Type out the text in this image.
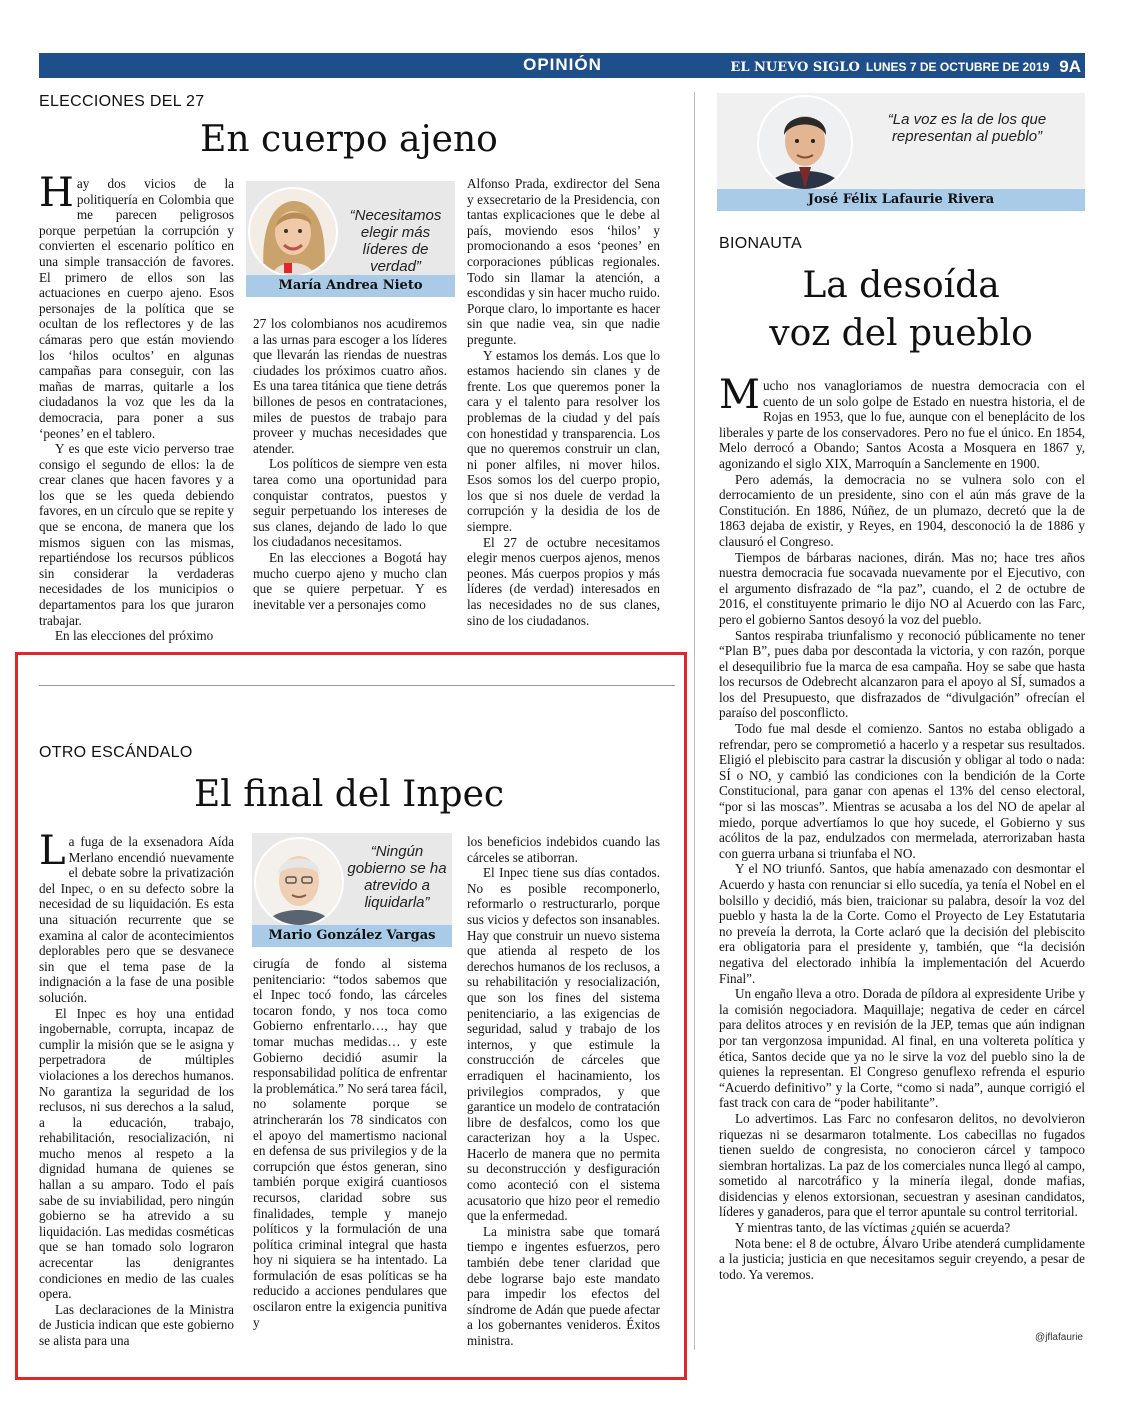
OPINIÓN	EL NUEVO SIGLO LUNES 7 DE OCTUBRE DE 2019 9A
ELECCIONES DEL 27
En cuerpo ajeno

Hay dos vicios de la politiquería en Colombia que me parecen peligrosos porque perpetúan la corrupción y convierten el escenario político en una simple transacción de favores. El primero de ellos son las actuaciones en cuerpo ajeno. Esos personajes de la política que se ocultan de los reflectores y de las cámaras pero que están moviendo los ‘hilos ocultos’ en algunas campañas para conseguir, con las mañas de marras, quitarle a los ciudadanos la voz que les da la democracia, para poner a sus ‘peones’ en el tablero.

Y es que este vicio perverso trae consigo el segundo de ellos: la de crear clanes que hacen favores y a los que se les queda debiendo favores, en un círculo que se repite y que se encona, de manera que los mismos siguen con las mismas, repartiéndose los recursos públicos sin considerar la verdaderas necesidades de los municipios o departamentos para los que juraron trabajar.

En las elecciones del próximo

“Necesitamos elegir más líderes de verdad”
María Andrea Nieto

27 los colombianos nos acudiremos a las urnas para escoger a los líderes que llevarán las riendas de nuestras ciudades los próximos cuatro años. Es una tarea titánica que tiene detrás billones de pesos en contrataciones, miles de puestos de trabajo para proveer y muchas necesidades que atender.

Los políticos de siempre ven esta tarea como una oportunidad para conquistar contratos, puestos y seguir perpetuando los intereses de sus clanes, dejando de lado lo que los ciudadanos necesitamos.

En las elecciones a Bogotá hay mucho cuerpo ajeno y mucho clan que se quiere perpetuar. Y es inevitable ver a personajes como

Alfonso Prada, exdirector del Sena y exsecretario de la Presidencia, con tantas explicaciones que le debe al país, moviendo esos ‘hilos’ y promocionando a esos ‘peones’ en corporaciones públicas regionales. Todo sin llamar la atención, a escondidas y sin hacer mucho ruido. Porque claro, lo importante es hacer sin que nadie vea, sin que nadie pregunte.

Y estamos los demás. Los que lo estamos haciendo sin clanes y de frente. Los que queremos poner la cara y el talento para resolver los problemas de la ciudad y del país con honestidad y transparencia. Los que no queremos construir un clan, ni poner alfiles, ni mover hilos. Esos somos los del cuerpo propio, los que si nos duele de verdad la corrupción y la desidia de los de siempre.

El 27 de octubre necesitamos elegir menos cuerpos ajenos, menos peones. Más cuerpos propios y más líderes (de verdad) interesados en las necesidades no de sus clanes, sino de los ciudadanos.

OTRO ESCÁNDALO
El final del Inpec

La fuga de la exsenadora Aída Merlano encendió nuevamente el debate sobre la privatización del Inpec, o en su defecto sobre la necesidad de su liquidación. Es esta una situación recurrente que se examina al calor de acontecimientos deplorables pero que se desvanece sin que el tema pase de la indignación a la fase de una posible solución.

El Inpec es hoy una entidad ingobernable, corrupta, incapaz de cumplir la misión que se le asigna y perpetradora de múltiples violaciones a los derechos humanos. No garantiza la seguridad de los reclusos, ni sus derechos a la salud, a la educación, trabajo, rehabilitación, resocialización, ni mucho menos al respeto a la dignidad humana de quienes se hallan a su amparo. Todo el país sabe de su inviabilidad, pero ningún gobierno se ha atrevido a su liquidación. Las medidas cosméticas que se han tomado solo lograron acrecentar las denigrantes condiciones en medio de las cuales opera.

Las declaraciones de la Ministra de Justicia indican que este gobierno se alista para una

“Ningún gobierno se ha atrevido a liquidarla”
Mario González Vargas

cirugía de fondo al sistema penitenciario: “todos sabemos que el Inpec tocó fondo, las cárceles tocaron fondo, y nos toca como Gobierno enfrentarlo…, hay que tomar muchas medidas… y este Gobierno decidió asumir la responsabilidad política de enfrentar la problemática.” No será tarea fácil, no solamente porque se atrincherarán los 78 sindicatos con el apoyo del mamertismo nacional en defensa de sus privilegios y de la corrupción que éstos generan, sino también porque exigirá cuantiosos recursos, claridad sobre sus finalidades, temple y manejo políticos y la formulación de una política criminal integral que hasta hoy ni siquiera se ha intentado. La formulación de esas políticas se ha reducido a acciones pendulares que oscilaron entre la exigencia punitiva y

los beneficios indebidos cuando las cárceles se atiborran.

El Inpec tiene sus días contados. No es posible recomponerlo, reformarlo o restructurarlo, porque sus vicios y defectos son insanables. Hay que construir un nuevo sistema que atienda al respeto de los derechos humanos de los reclusos, a su rehabilitación y resocialización, que son los fines del sistema penitenciario, a las exigencias de seguridad, salud y trabajo de los internos, y que estimule la construcción de cárceles que erradiquen el hacinamiento, los privilegios comprados, y que garantice un modelo de contratación libre de desfalcos, como los que caracterizan hoy a la Uspec. Hacerlo de manera que no permita su deconstrucción y desfiguración como aconteció con el sistema acusatorio que hizo peor el remedio que la enfermedad.

La ministra sabe que tomará tiempo e ingentes esfuerzos, pero también debe tener claridad que debe lograrse bajo este mandato para impedir los efectos del síndrome de Adán que puede afectar a los gobernantes venideros. Éxitos ministra.

“La voz es la de los que representan al pueblo”
José Félix Lafaurie Rivera
BIONAUTA
La desoída
voz del pueblo

Mucho nos vanagloriamos de nuestra democracia con el cuento de un solo golpe de Estado en nuestra historia, el de Rojas en 1953, que lo fue, aunque con el beneplácito de los liberales y parte de los conservadores. Pero no fue el único. En 1854, Melo derrocó a Obando; Santos Acosta a Mosquera en 1867 y, agonizando el siglo XIX, Marroquín a Sanclemente en 1900.

Pero además, la democracia no se vulnera solo con el derrocamiento de un presidente, sino con el aún más grave de la Constitución. En 1886, Núñez, de un plumazo, decretó que la de 1863 dejaba de existir, y Reyes, en 1904, desconoció la de 1886 y clausuró el Congreso.

Tiempos de bárbaras naciones, dirán. Mas no; hace tres años nuestra democracia fue socavada nuevamente por el Ejecutivo, con el argumento disfrazado de “la paz”, cuando, el 2 de octubre de 2016, el constituyente primario le dijo NO al Acuerdo con las Farc, pero el gobierno Santos desoyó la voz del pueblo.

Santos respiraba triunfalismo y reconoció públicamente no tener “Plan B”, pues daba por descontada la victoria, y con razón, porque el desequilibrio fue la marca de esa campaña. Hoy se sabe que hasta los recursos de Odebrecht alcanzaron para el apoyo al SÍ, sumados a los del Presupuesto, que disfrazados de “divulgación” ofrecían el paraíso del posconflicto.

Todo fue mal desde el comienzo. Santos no estaba obligado a refrendar, pero se comprometió a hacerlo y a respetar sus resultados. Eligió el plebiscito para castrar la discusión y obligar al todo o nada: SÍ o NO, y cambió las condiciones con la bendición de la Corte Constitucional, para ganar con apenas el 13% del censo electoral, “por si las moscas”. Mientras se acusaba a los del NO de apelar al miedo, porque advertíamos lo que hoy sucede, el Gobierno y sus acólitos de la paz, endulzados con mermelada, aterrorizaban hasta con guerra urbana si triunfaba el NO.

Y el NO triunfó. Santos, que había amenazado con desmontar el Acuerdo y hasta con renunciar si ello sucedía, ya tenía el Nobel en el bolsillo y decidió, más bien, traicionar su palabra, desoír la voz del pueblo y hasta la de la Corte. Como el Proyecto de Ley Estatutaria no preveía la derrota, la Corte aclaró que la decisión del plebiscito era obligatoria para el presidente y, también, que “la decisión negativa del electorado inhibía la implementación del Acuerdo Final”.

Un engaño lleva a otro. Dorada de píldora al expresidente Uribe y la comisión negociadora. Maquillaje; negativa de ceder en cárcel para delitos atroces y en revisión de la JEP, temas que aún indignan por tan vergonzosa impunidad. Al final, en una voltereta política y ética, Santos decide que ya no le sirve la voz del pueblo sino la de quienes la representan. El Congreso genuflexo refrenda el espurio “Acuerdo definitivo” y la Corte, “como si nada”, aunque corrigió el fast track con cara de “poder habilitante”.

Lo advertimos. Las Farc no confesaron delitos, no devolvieron riquezas ni se desarmaron totalmente. Los cabecillas no fugados tienen sueldo de congresista, no conocieron cárcel y tampoco siembran hortalizas. La paz de los comerciales nunca llegó al campo, sometido al narcotráfico y la minería ilegal, donde mafias, disidencias y elenos extorsionan, secuestran y asesinan candidatos, líderes y ganaderos, para que el terror apuntale su control territorial.

Y mientras tanto, de las víctimas ¿quién se acuerda?

Nota bene: el 8 de octubre, Álvaro Uribe atenderá cumplidamente a la justicia; justicia en que necesitamos seguir creyendo, a pesar de todo. Ya veremos.

@jflafaurie
